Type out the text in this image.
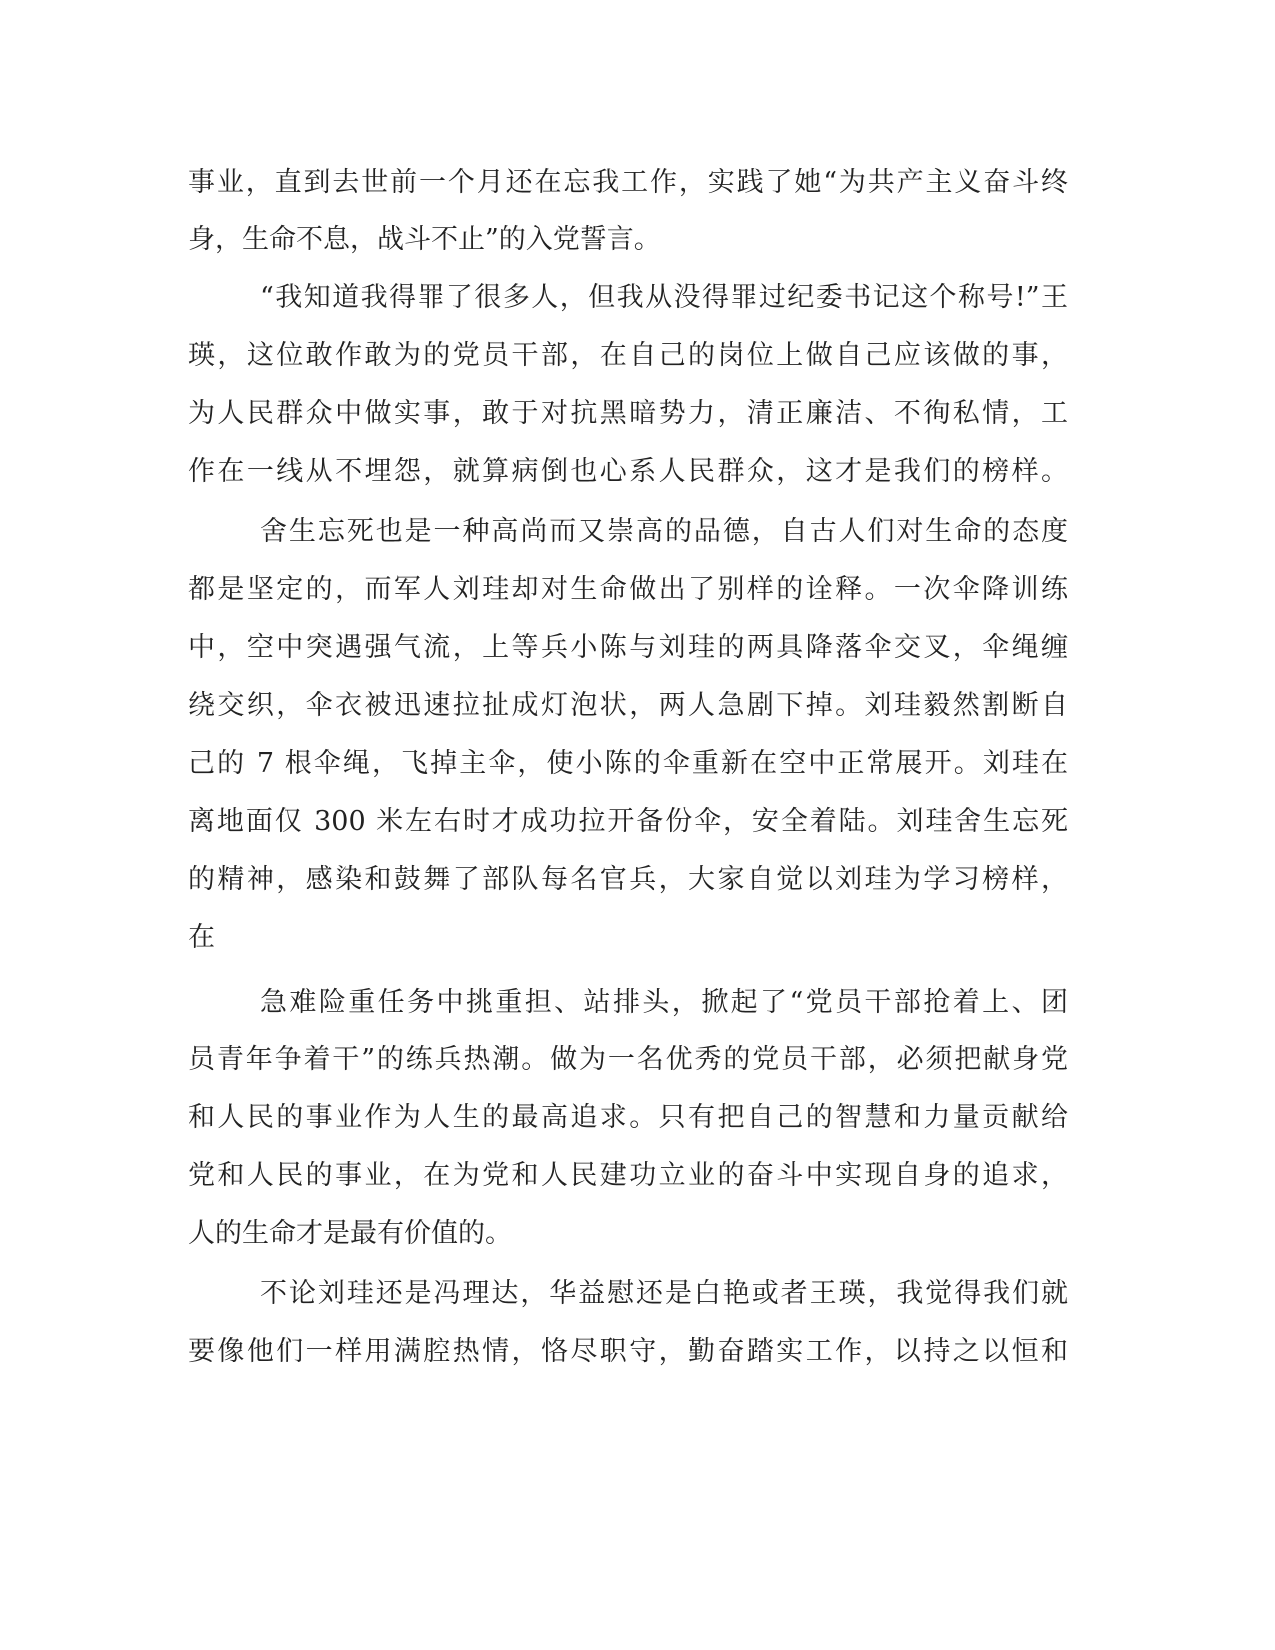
事业，直到去世前一个月还在忘我工作，实践了她“为共产主义奋斗终
身，生命不息，战斗不止”的入党誓言。
“我知道我得罪了很多人，但我从没得罪过纪委书记这个称号!”王
瑛，这位敢作敢为的党员干部，在自己的岗位上做自己应该做的事，
为人民群众中做实事，敢于对抗黑暗势力，清正廉洁、不徇私情，工
作在一线从不埋怨，就算病倒也心系人民群众，这才是我们的榜样。
舍生忘死也是一种高尚而又崇高的品德，自古人们对生命的态度
都是坚定的，而军人刘珪却对生命做出了别样的诠释。一次伞降训练
中，空中突遇强气流，上等兵小陈与刘珪的两具降落伞交叉，伞绳缠
绕交织，伞衣被迅速拉扯成灯泡状，两人急剧下掉。刘珪毅然割断自
己的 7 根伞绳，飞掉主伞，使小陈的伞重新在空中正常展开。刘珪在
离地面仅 300 米左右时才成功拉开备份伞，安全着陆。刘珪舍生忘死
的精神，感染和鼓舞了部队每名官兵，大家自觉以刘珪为学习榜样，
在
急难险重任务中挑重担、站排头，掀起了“党员干部抢着上、团
员青年争着干”的练兵热潮。做为一名优秀的党员干部，必须把献身党
和人民的事业作为人生的最高追求。只有把自己的智慧和力量贡献给
党和人民的事业，在为党和人民建功立业的奋斗中实现自身的追求，
人的生命才是最有价值的。
不论刘珪还是冯理达，华益慰还是白艳或者王瑛，我觉得我们就
要像他们一样用满腔热情，恪尽职守，勤奋踏实工作，以持之以恒和
